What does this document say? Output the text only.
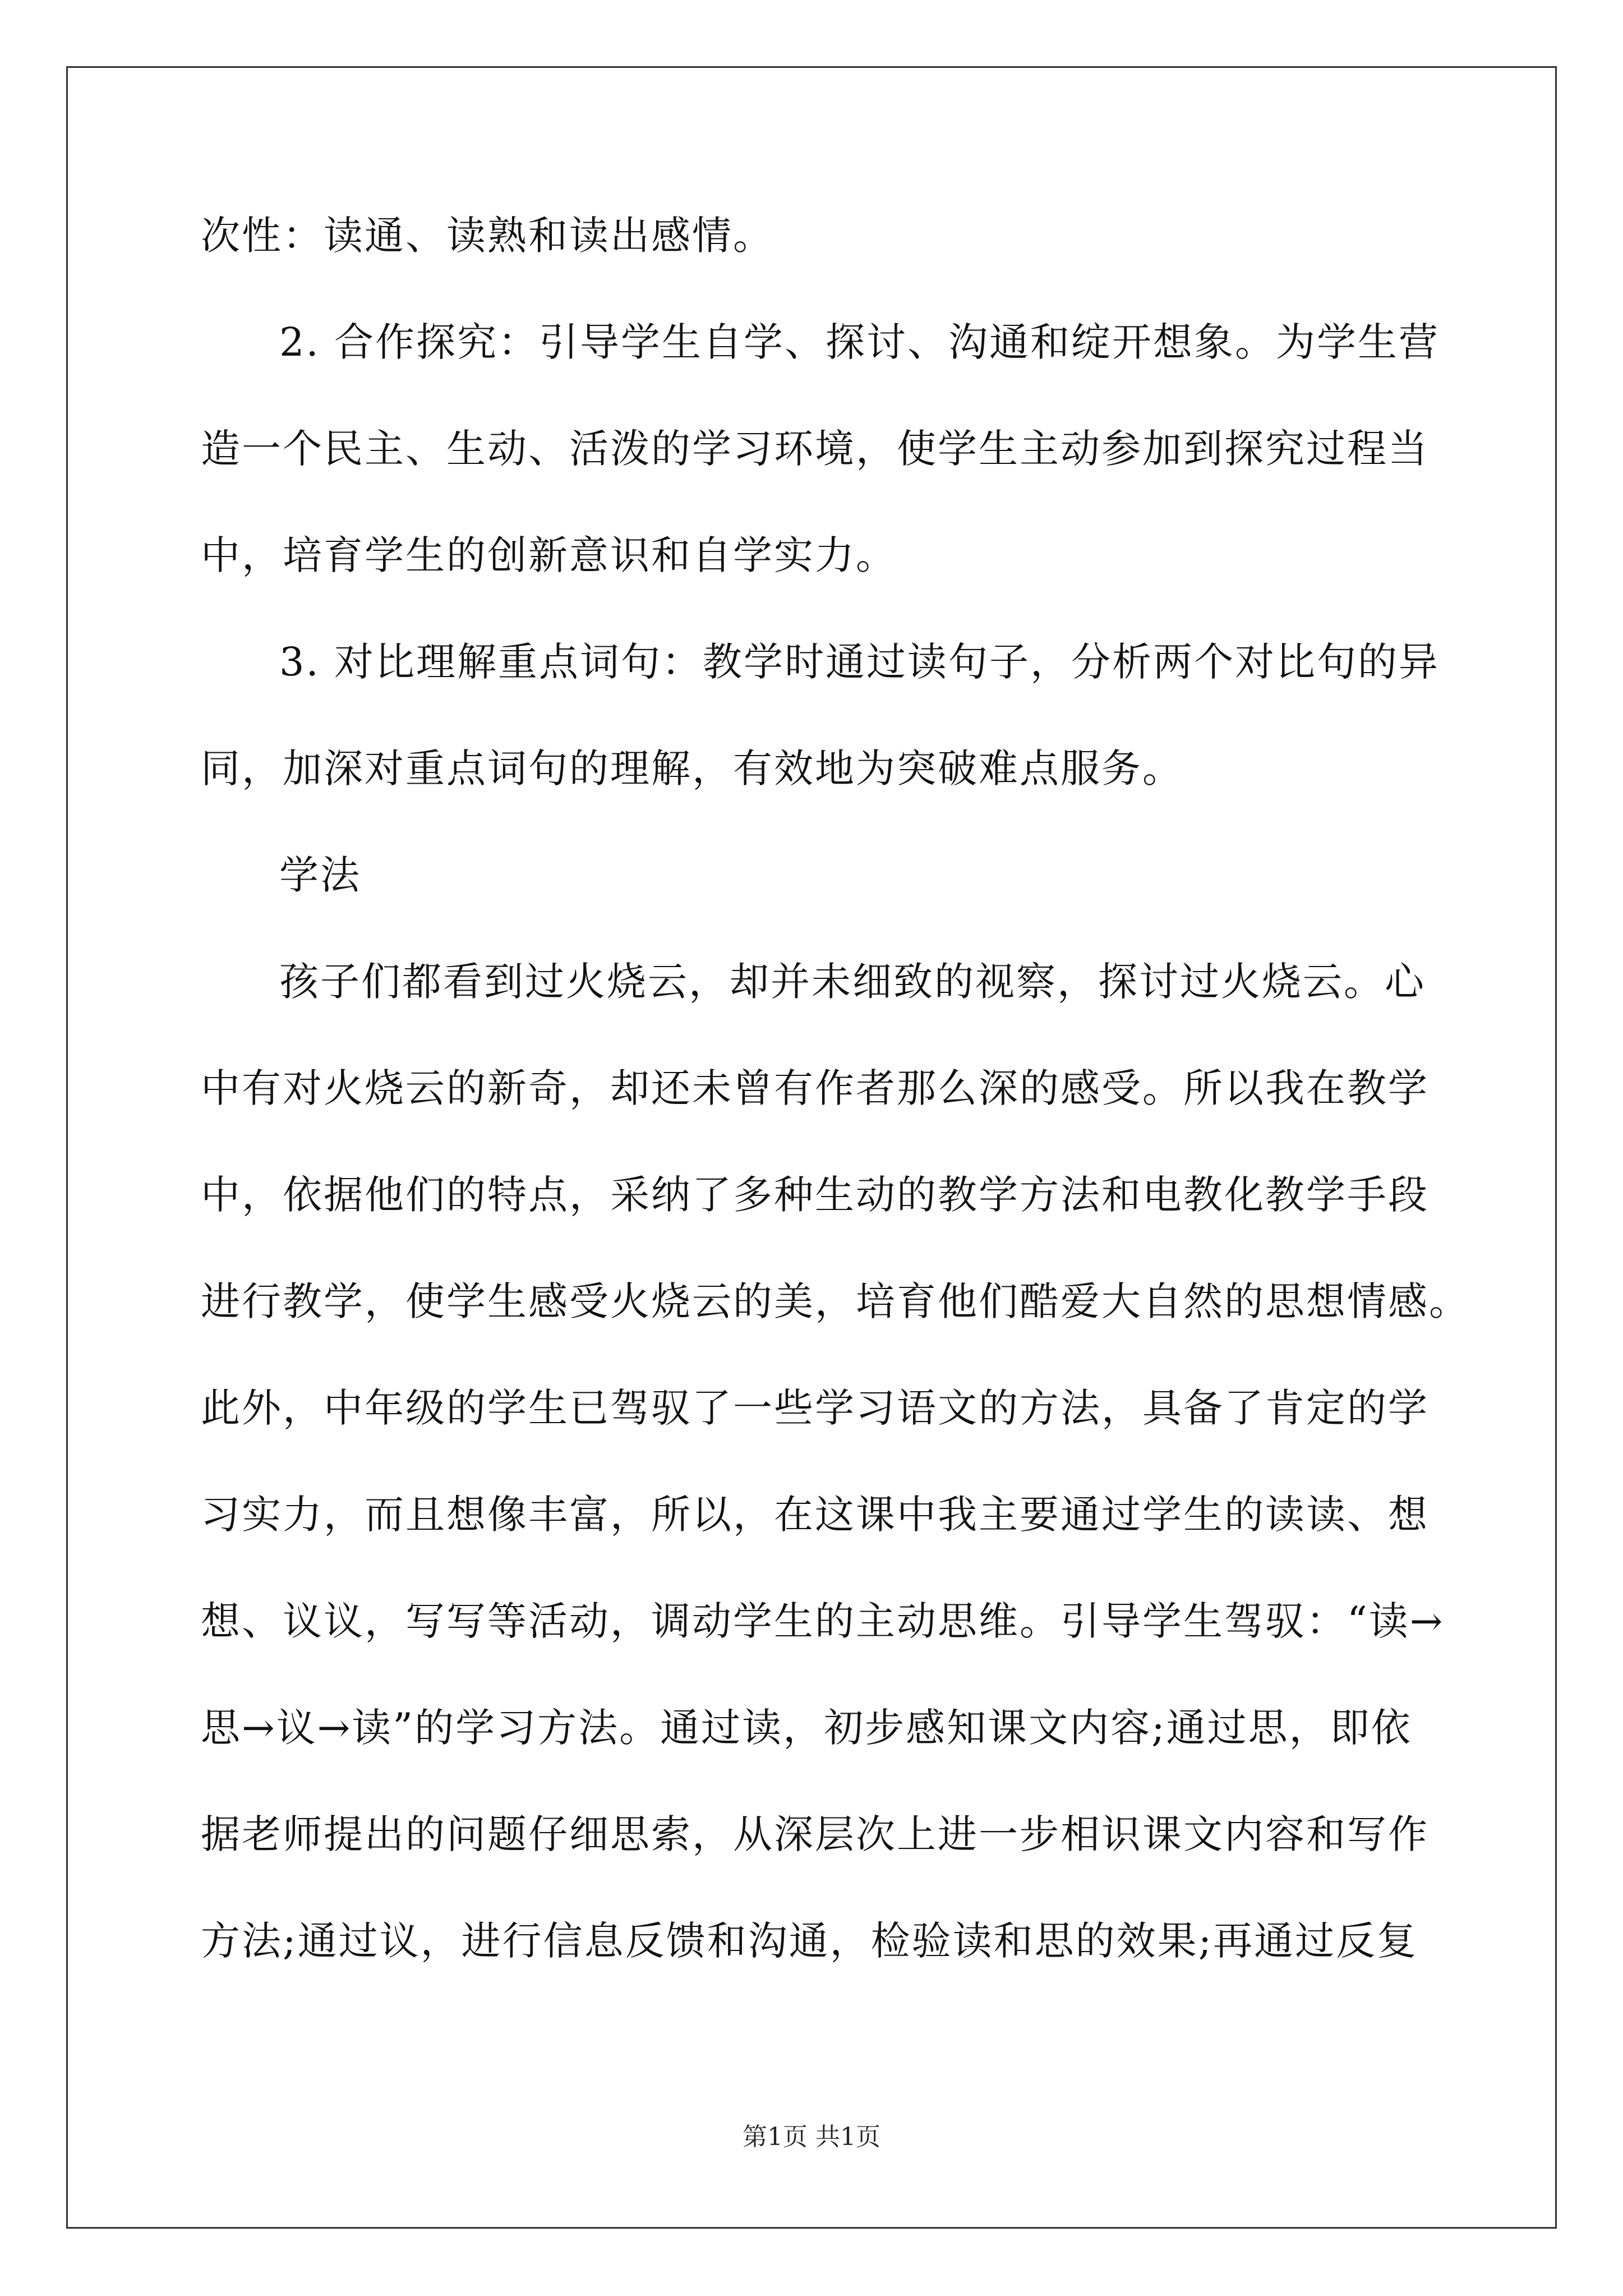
次性：读通、读熟和读出感情。

2. 合作探究：引导学生自学、探讨、沟通和绽开想象。为学生营

造一个民主、生动、活泼的学习环境，使学生主动参加到探究过程当

中，培育学生的创新意识和自学实力。

3. 对比理解重点词句：教学时通过读句子，分析两个对比句的异

同，加深对重点词句的理解，有效地为突破难点服务。

学法

孩子们都看到过火烧云，却并未细致的视察，探讨过火烧云。心

中有对火烧云的新奇，却还未曾有作者那么深的感受。所以我在教学

中，依据他们的特点，采纳了多种生动的教学方法和电教化教学手段

进行教学，使学生感受火烧云的美，培育他们酷爱大自然的思想情感。

此外，中年级的学生已驾驭了一些学习语文的方法，具备了肯定的学

习实力，而且想像丰富，所以，在这课中我主要通过学生的读读、想

想、议议，写写等活动，调动学生的主动思维。引导学生驾驭：“读→

思→议→读”的学习方法。通过读，初步感知课文内容;通过思，即依

据老师提出的问题仔细思索，从深层次上进一步相识课文内容和写作

方法;通过议，进行信息反馈和沟通，检验读和思的效果;再通过反复

第1页 共1页
